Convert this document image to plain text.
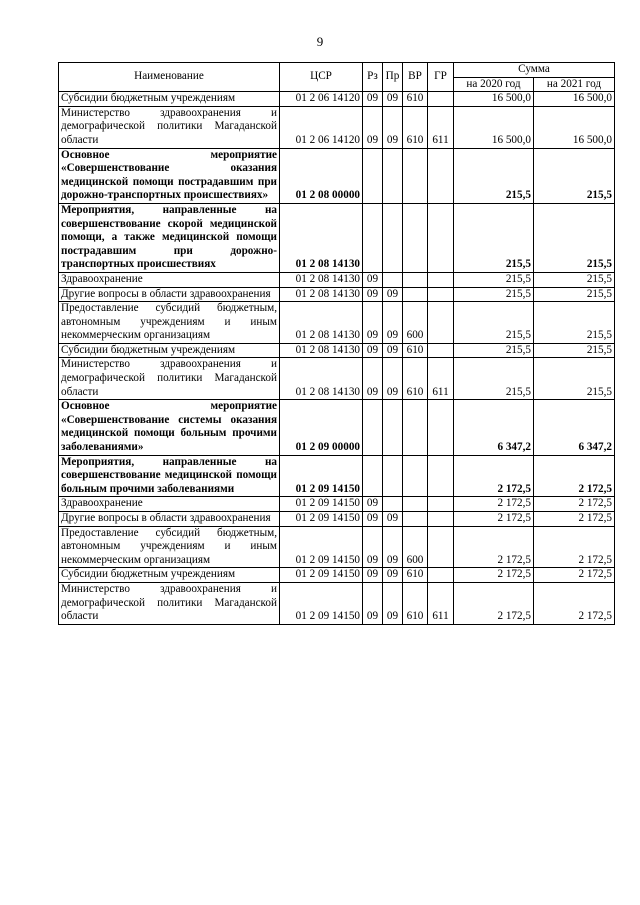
9
Наименование	ЦСР	Рз	Пр	ВР	ГР	Сумма	
						на 2020 год	на 2021 год
Субсидии бюджетным учреждениям	01 2 06 14120	09	09	610		16 500,0	16 500,0
Министерство здравоохранения и демографической политики Магаданской области	01 2 06 14120	09	09	610	611	16 500,0	16 500,0
Основное мероприятие «Совершенствование оказания медицинской помощи пострадавшим при дорожно-транспортных происшествиях»	01 2 08 00000					215,5	215,5
Мероприятия, направленные на совершенствование скорой медицинской помощи, а также медицинской помощи пострадавшим при дорожно-транспортных происшествиях	01 2 08 14130					215,5	215,5
Здравоохранение	01 2 08 14130	09				215,5	215,5
Другие вопросы в области здравоохранения	01 2 08 14130	09	09			215,5	215,5
Предоставление субсидий бюджетным, автономным учреждениям и иным некоммерческим организациям	01 2 08 14130	09	09	600		215,5	215,5
Субсидии бюджетным учреждениям	01 2 08 14130	09	09	610		215,5	215,5
Министерство здравоохранения и демографической политики Магаданской области	01 2 08 14130	09	09	610	611	215,5	215,5
Основное мероприятие «Совершенствование системы оказания медицинской помощи больным прочими заболеваниями»	01 2 09 00000					6 347,2	6 347,2
Мероприятия, направленные на совершенствование медицинской помощи больным прочими заболеваниями	01 2 09 14150					2 172,5	2 172,5
Здравоохранение	01 2 09 14150	09				2 172,5	2 172,5
Другие вопросы в области здравоохранения	01 2 09 14150	09	09			2 172,5	2 172,5
Предоставление субсидий бюджетным, автономным учреждениям и иным некоммерческим организациям	01 2 09 14150	09	09	600		2 172,5	2 172,5
Субсидии бюджетным учреждениям	01 2 09 14150	09	09	610		2 172,5	2 172,5
Министерство здравоохранения и демографической политики Магаданской области	01 2 09 14150	09	09	610	611	2 172,5	2 172,5
